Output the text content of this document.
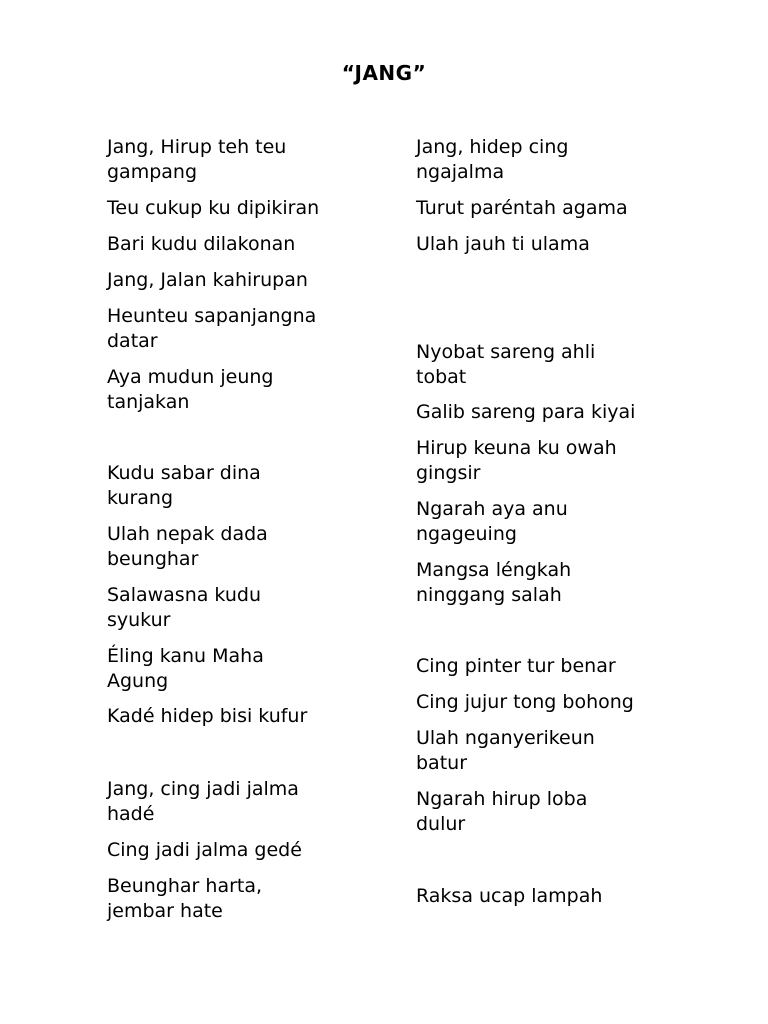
“JANG”
Jang, Hirup teh teu
gampang
Teu cukup ku dipikiran
Bari kudu dilakonan
Jang, Jalan kahirupan
Heunteu sapanjangna
datar
Aya mudun jeung
tanjakan
Kudu sabar dina
kurang
Ulah nepak dada
beunghar
Salawasna kudu
syukur
Éling kanu Maha
Agung
Kadé hidep bisi kufur
Jang, cing jadi jalma
hadé
Cing jadi jalma gedé
Beunghar harta,
jembar hate
Jang, hidep cing
ngajalma
Turut paréntah agama
Ulah jauh ti ulama
Nyobat sareng ahli
tobat
Galib sareng para kiyai
Hirup keuna ku owah
gingsir
Ngarah aya anu
ngageuing
Mangsa léngkah
ninggang salah
Cing pinter tur benar
Cing jujur tong bohong
Ulah nganyerikeun
batur
Ngarah hirup loba
dulur
Raksa ucap lampah
